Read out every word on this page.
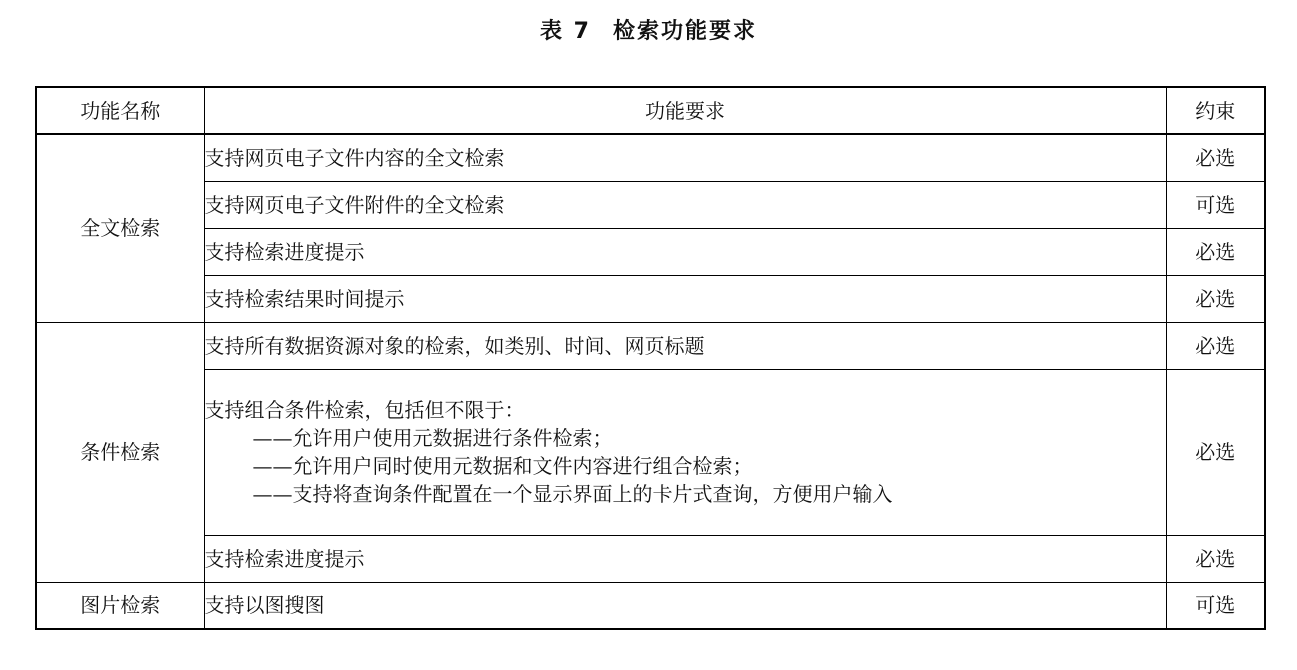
表 7 检索功能要求
功能名称	功能要求	约束
全文检索	支持网页电子文件内容的全文检索	必选
	支持网页电子文件附件的全文检索	可选
	支持检索进度提示	必选
	支持检索结果时间提示	必选
条件检索	支持所有数据资源对象的检索，如类别、时间、网页标题	必选

	支持组合条件检索，包括但不限于：
——允许用户使用元数据进行条件检索；
——允许用户同时使用元数据和文件内容进行组合检索；
——支持将查询条件配置在一个显示界面上的卡片式查询，方便用户输入	必选
	支持检索进度提示	必选
图片检索	支持以图搜图	可选
